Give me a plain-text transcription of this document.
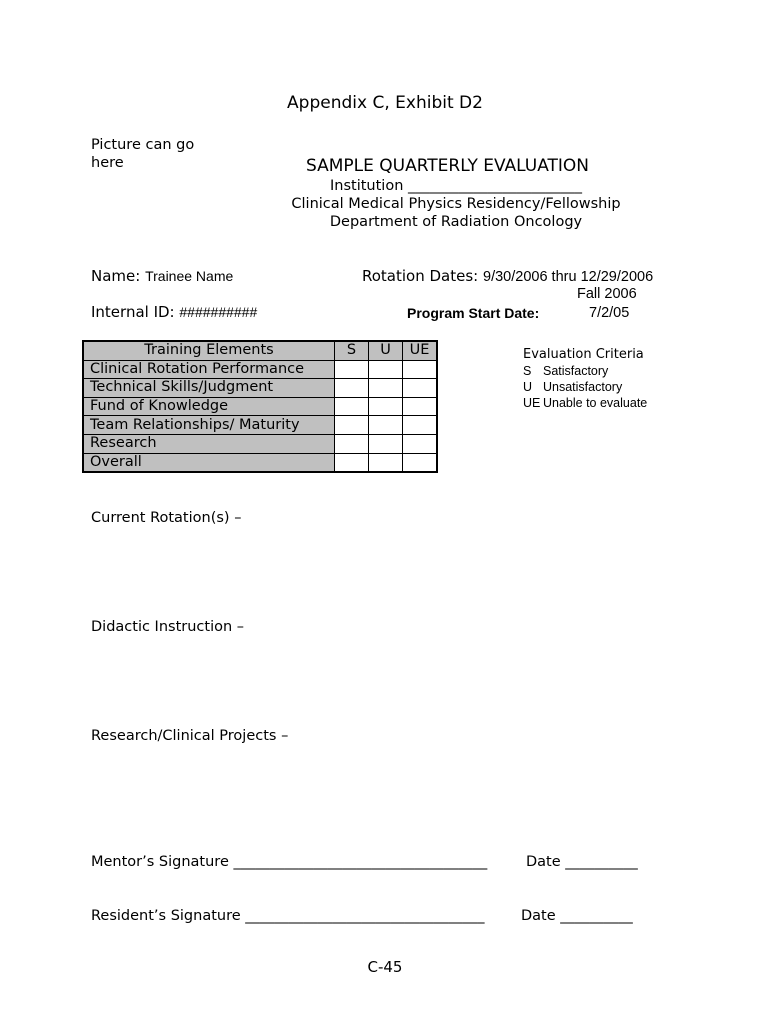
Appendix C, Exhibit D2
Picture can go
here	SAMPLE QUARTERLY EVALUATION
Institution ________________________
Clinical Medical Physics Residency/Fellowship
Department of Radiation Oncology
Name: Trainee Name
Internal ID: ##########
Rotation Dates: 9/30/2006 thru 12/29/2006
Fall 2006
Program Start Date:	7/2/05
Training Elements	S	U	UE
Clinical Rotation Performance			
Technical Skills/Judgment			
Fund of Knowledge			
Team Relationships/ Maturity			
Research			
Overall			
Evaluation Criteria
S Satisfactory
U Unsatisfactory
UE Unable to evaluate
Current Rotation(s) –
Didactic Instruction –
Research/Clinical Projects –
Mentor’s Signature ___________________________________	Date __________
Resident’s Signature _________________________________	Date __________
C-45
